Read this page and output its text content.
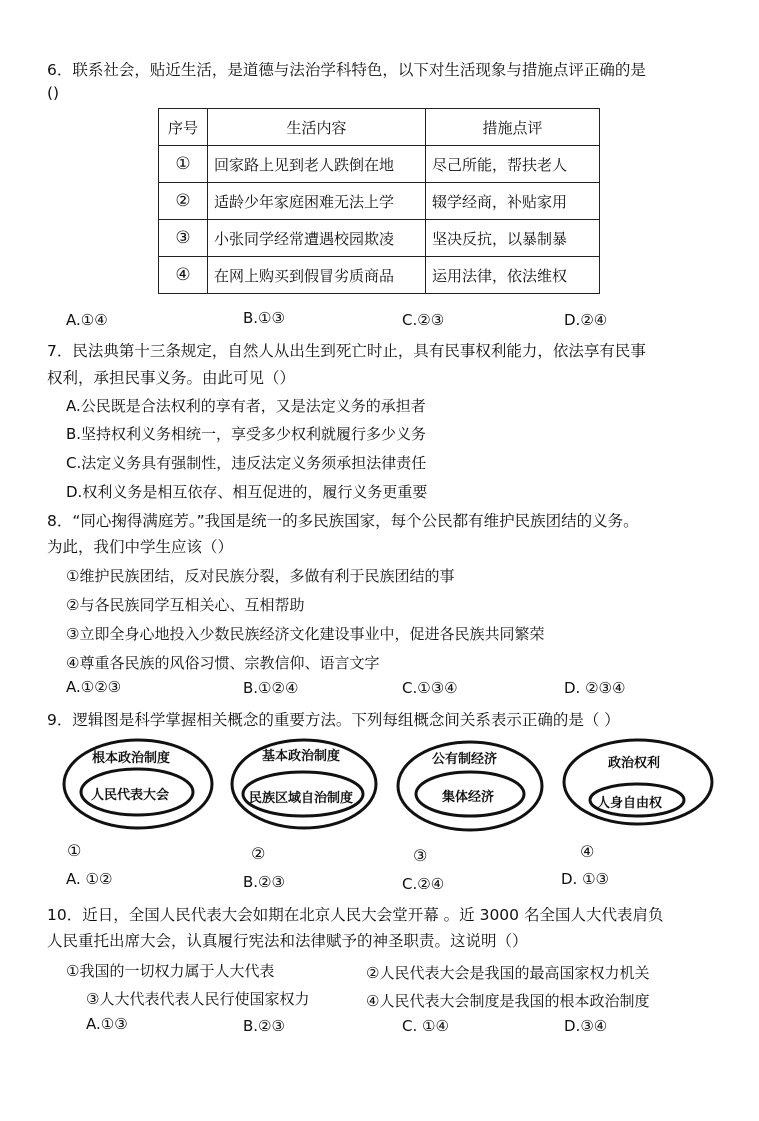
6．联系社会，贴近生活，是道德与法治学科特色，以下对生活现象与措施点评正确的是
()
序号	生活内容	措施点评
①	回家路上见到老人跌倒在地	尽己所能，帮扶老人
②	适龄少年家庭困难无法上学	辍学经商，补贴家用
③	小张同学经常遭遇校园欺凌	坚决反抗，以暴制暴
④	在网上购买到假冒劣质商品	运用法律，依法维权
A.①④	B.①③	C.②③	D.②④
7．民法典第十三条规定，自然人从出生到死亡时止，具有民事权利能力，依法享有民事
权利，承担民事义务。由此可见（）
A.公民既是合法权利的享有者，又是法定义务的承担者
B.坚持权利义务相统一，享受多少权利就履行多少义务
C.法定义务具有强制性，违反法定义务须承担法律责任
D.权利义务是相互依存、相互促进的，履行义务更重要
8．“同心掬得满庭芳。”我国是统一的多民族国家，每个公民都有维护民族团结的义务。
为此，我们中学生应该（）
①维护民族团结，反对民族分裂，多做有利于民族团结的事
②与各民族同学互相关心、互相帮助
③立即全身心地投入少数民族经济文化建设事业中，促进各民族共同繁荣
④尊重各民族的风俗习惯、宗教信仰、语言文字
A.①②③	B.①②④	C.①③④	D. ②③④
9．逻辑图是科学掌握相关概念的重要方法。下列每组概念间关系表示正确的是（ ）
根本政治制度
人民代表大会
基本政治制度
民族区域自治制度
公有制经济
集体经济
政治权利
人身自由权
①	②	③	④
A. ①②	B.②③	C.②④	D. ①③
10．近日，全国人民代表大会如期在北京人民大会堂开幕 。近 3000 名全国人大代表肩负
人民重托出席大会，认真履行宪法和法律赋予的神圣职责。这说明（）
①我国的一切权力属于人大代表	②人民代表大会是我国的最高国家权力机关
③人大代表代表人民行使国家权力	④人民代表大会制度是我国的根本政治制度
A.①③	B.②③	C. ①④	D.③④
